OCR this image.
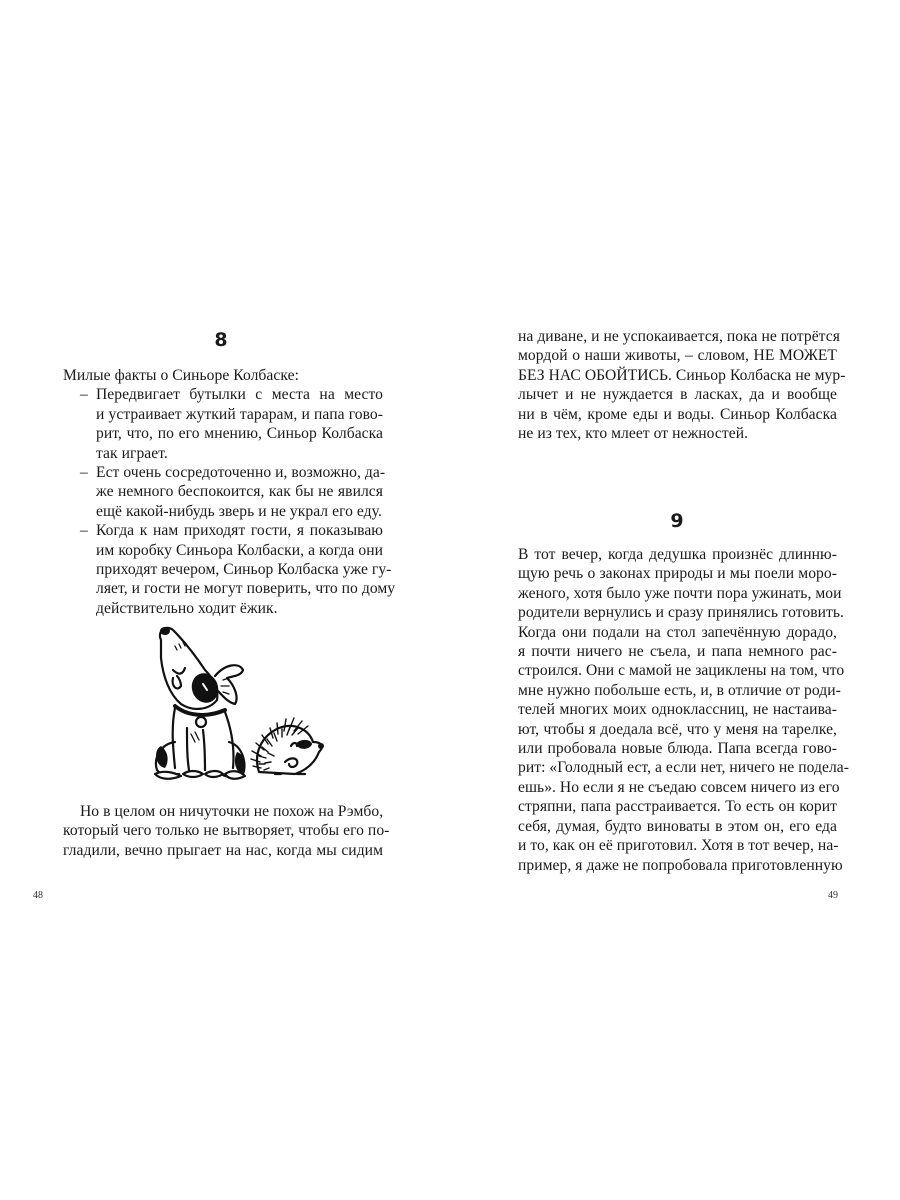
8
Милые факты о Синьоре Колбаске:
– Передвигает бутылки с места на место
и устраивает жуткий тарарам, и папа гово-
рит, что, по его мнению, Синьор Колбаска
так играет.
– Ест очень сосредоточенно и, возможно, да-
же немного беспокоится, как бы не явился
ещё какой-нибудь зверь и не украл его еду.
– Когда к нам приходят гости, я показываю
им коробку Синьора Колбаски, а когда они
приходят вечером, Синьор Колбаска уже гу-
ляет, и гости не могут поверить, что по дому
действительно ходит ёжик.
Но в целом он ничуточки не похож на Рэмбо,
который чего только не вытворяет, чтобы его по-
гладили, вечно прыгает на нас, когда мы сидим
48
на диване, и не успокаивается, пока не потрётся
мордой о наши животы, – словом, НЕ МОЖЕТ
БЕЗ НАС ОБОЙТИСЬ. Синьор Колбаска не мур-
лычет и не нуждается в ласках, да и вообще
ни в чём, кроме еды и воды. Синьор Колбаска
не из тех, кто млеет от нежностей.
9
В тот вечер, когда дедушка произнёс длинню-
щую речь о законах природы и мы поели моро-
женого, хотя было уже почти пора ужинать, мои
родители вернулись и сразу принялись готовить.
Когда они подали на стол запечённую дорадо,
я почти ничего не съела, и папа немного рас-
строился. Они с мамой не зациклены на том, что
мне нужно побольше есть, и, в отличие от роди-
телей многих моих одноклассниц, не настаива-
ют, чтобы я доедала всё, что у меня на тарелке,
или пробовала новые блюда. Папа всегда гово-
рит: «Голодный ест, а если нет, ничего не поделa-
ешь». Но если я не съедаю совсем ничего из его
стряпни, папа расстраивается. То есть он корит
себя, думая, будто виноваты в этом он, его еда
и то, как он её приготовил. Хотя в тот вечер, на-
пример, я даже не попробовала приготовленную
49
